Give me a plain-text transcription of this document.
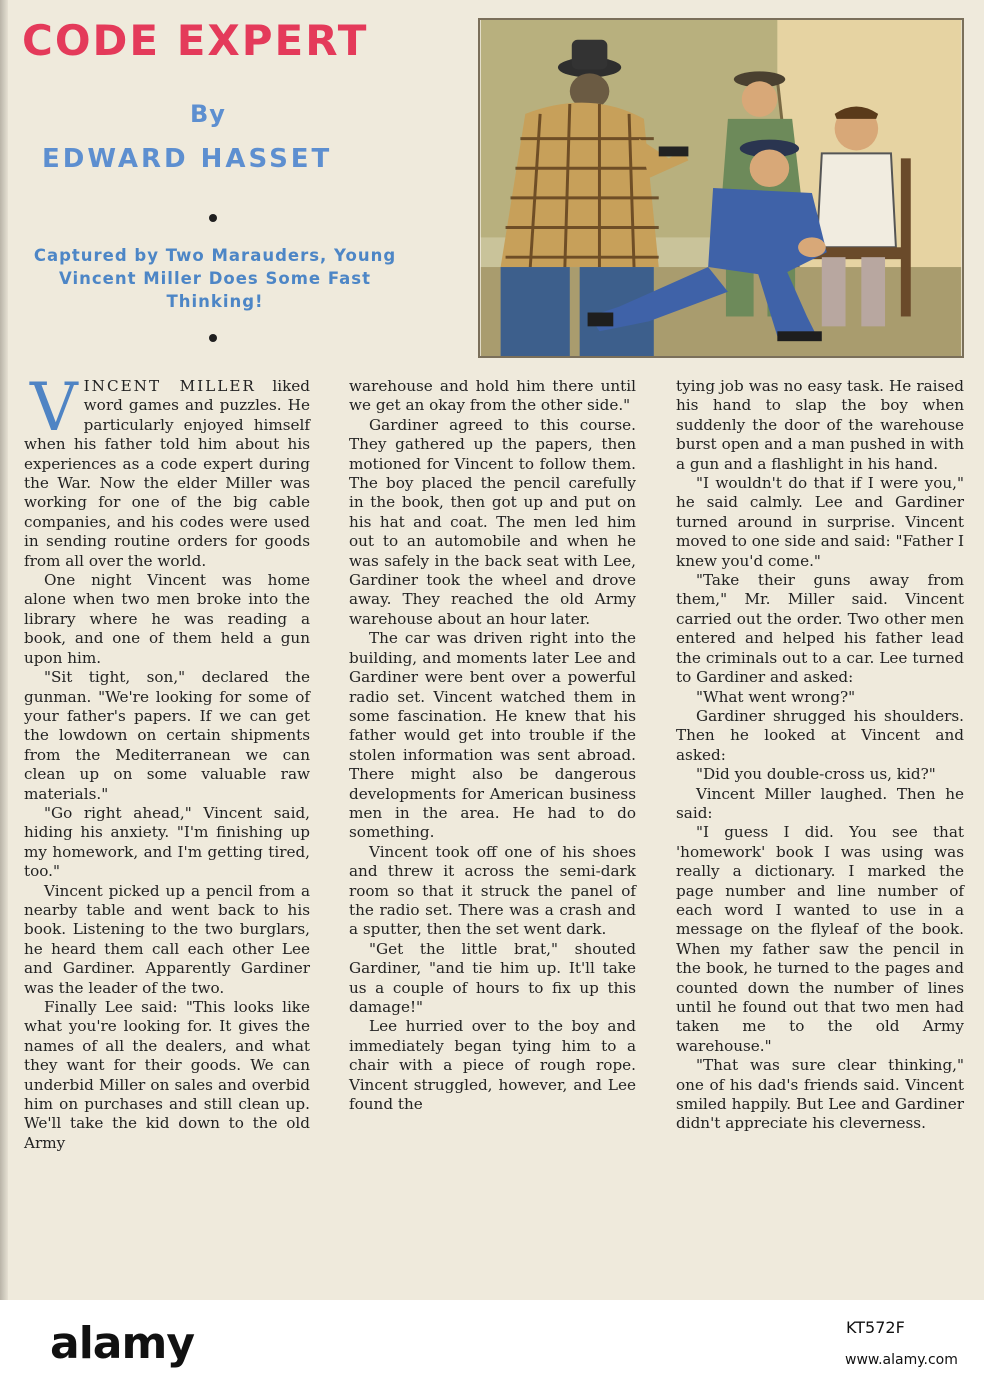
CODE EXPERT
By
EDWARD HASSET
Captured by Two Marauders, Young Vincent Miller Does Some Fast Thinking!

VINCENT MILLER liked word games and puzzles. He particularly enjoyed himself when his father told him about his experiences as a code expert during the War. Now the elder Miller was working for one of the big cable companies, and his codes were used in sending routine orders for goods from all over the world.

One night Vincent was home alone when two men broke into the library where he was reading a book, and one of them held a gun upon him.

"Sit tight, son," declared the gunman. "We're looking for some of your father's papers. If we can get the lowdown on certain shipments from the Mediterranean we can clean up on some valuable raw materials."

"Go right ahead," Vincent said, hiding his anxiety. "I'm finishing up my homework, and I'm getting tired, too."

Vincent picked up a pencil from a nearby table and went back to his book. Listening to the two burglars, he heard them call each other Lee and Gardiner. Apparently Gardiner was the leader of the two.

Finally Lee said: "This looks like what you're looking for. It gives the names of all the dealers, and what they want for their goods. We can underbid Miller on sales and overbid him on purchases and still clean up. We'll take the kid down to the old Army

warehouse and hold him there until we get an okay from the other side."

Gardiner agreed to this course. They gathered up the papers, then motioned for Vincent to follow them. The boy placed the pencil carefully in the book, then got up and put on his hat and coat. The men led him out to an automobile and when he was safely in the back seat with Lee, Gardiner took the wheel and drove away. They reached the old Army warehouse about an hour later.

The car was driven right into the building, and moments later Lee and Gardiner were bent over a powerful radio set. Vincent watched them in some fascination. He knew that his father would get into trouble if the stolen information was sent abroad. There might also be dangerous developments for American business men in the area. He had to do something.

Vincent took off one of his shoes and threw it across the semi-dark room so that it struck the panel of the radio set. There was a crash and a sputter, then the set went dark.

"Get the little brat," shouted Gardiner, "and tie him up. It'll take us a couple of hours to fix up this damage!"

Lee hurried over to the boy and immediately began tying him to a chair with a piece of rough rope. Vincent struggled, however, and Lee found the

tying job was no easy task. He raised his hand to slap the boy when suddenly the door of the warehouse burst open and a man pushed in with a gun and a flashlight in his hand.

"I wouldn't do that if I were you," he said calmly. Lee and Gardiner turned around in surprise. Vincent moved to one side and said: "Father I knew you'd come."

"Take their guns away from them," Mr. Miller said. Vincent carried out the order. Two other men entered and helped his father lead the criminals out to a car. Lee turned to Gardiner and asked:

"What went wrong?"

Gardiner shrugged his shoulders. Then he looked at Vincent and asked:

"Did you double-cross us, kid?"

Vincent Miller laughed. Then he said:

"I guess I did. You see that 'homework' book I was using was really a dictionary. I marked the page number and line number of each word I wanted to use in a message on the flyleaf of the book. When my father saw the pencil in the book, he turned to the pages and counted down the number of lines until he found out that two men had taken me to the old Army warehouse."

"That was sure clear thinking," one of his dad's friends said. Vincent smiled happily. But Lee and Gardiner didn't appreciate his cleverness.

alamy	KT572F
www.alamy.com
